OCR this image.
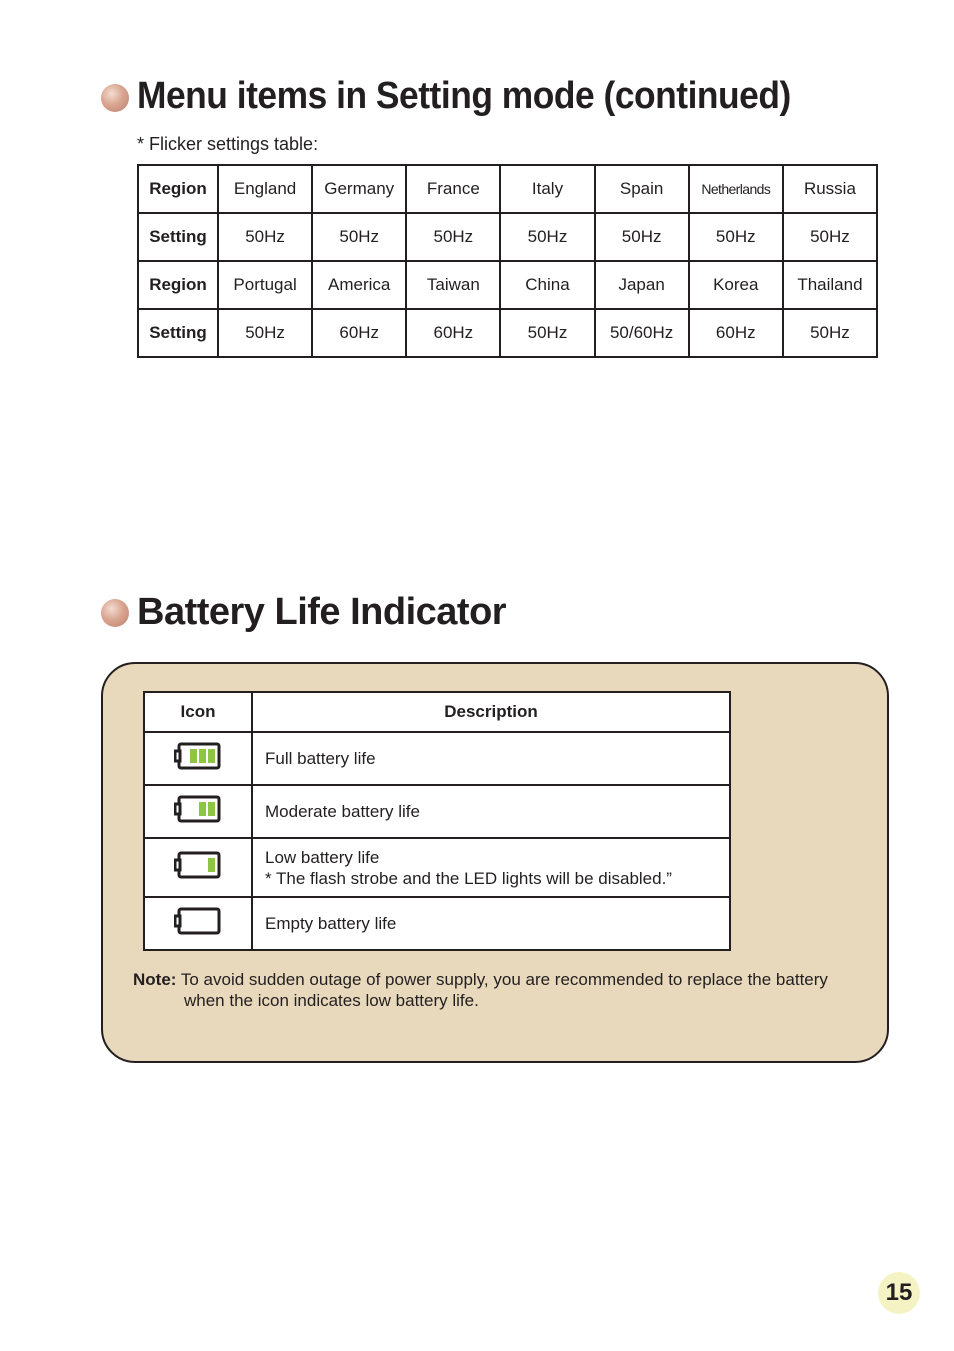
Menu items in Setting mode (continued)
* Flicker settings table:
Region	England	Germany	France	Italy	Spain	Netherlands	Russia
Setting	50Hz	50Hz	50Hz	50Hz	50Hz	50Hz	50Hz
Region	Portugal	America	Taiwan	China	Japan	Korea	Thailand
Setting	50Hz	60Hz	60Hz	50Hz	50/60Hz	60Hz	50Hz
Battery Life Indicator
Icon	Description
	Full battery life
	Moderate battery life
	Low battery life
* The flash strobe and the LED lights will be disabled.”
	Empty battery life
Note: To avoid sudden outage of power supply, you are recommended to replace the battery
when the icon indicates low battery life.
15
